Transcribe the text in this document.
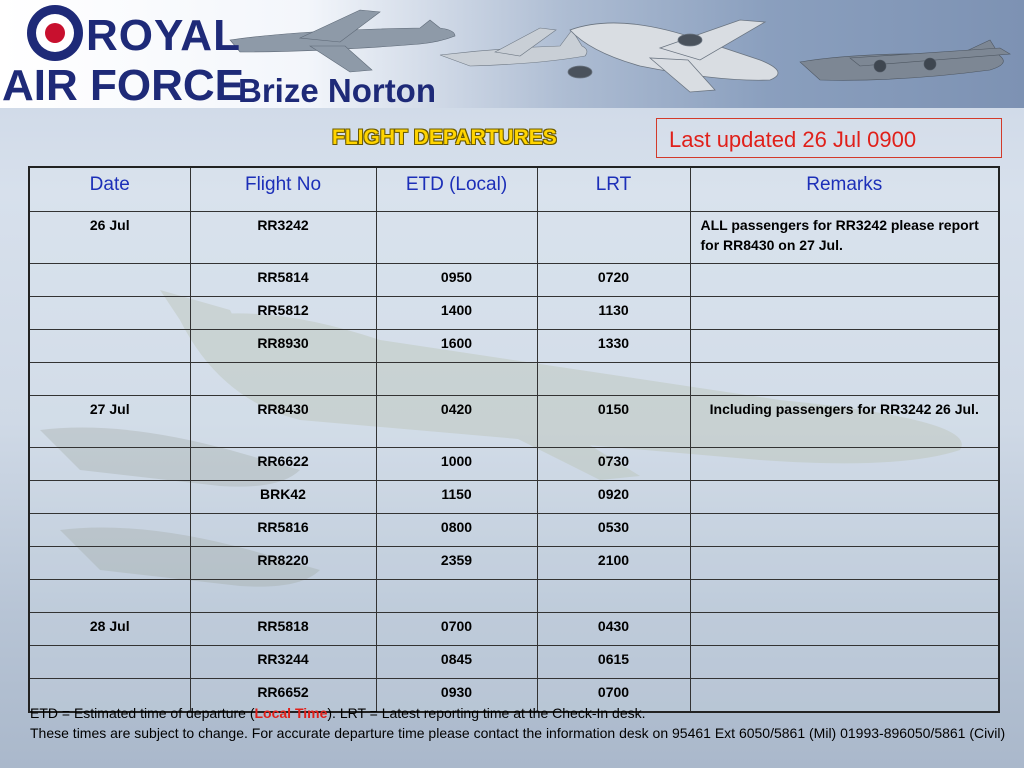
ROYAL
AIR FORCE
Brize Norton
FLIGHT DEPARTURES	Last updated 26 Jul 0900
Date	Flight No	ETD (Local)	LRT	Remarks
26 Jul	RR3242			ALL passengers for RR3242 please report for RR8430 on 27 Jul.
	RR5814	0950	0720	
	RR5812	1400	1130	
	RR8930	1600	1330	

27 Jul	RR8430	0420	0150	Including passengers for RR3242 26 Jul.
	RR6622	1000	0730	
	BRK42	1150	0920	
	RR5816	0800	0530	
	RR8220	2359	2100	

28 Jul	RR5818	0700	0430	
	RR3244	0845	0615	
	RR6652	0930	0700	
ETD = Estimated time of departure (Local Time). LRT = Latest reporting time at the Check-In desk.
These times are subject to change. For accurate departure time please contact the information desk on 95461 Ext 6050/5861 (Mil) 01993-896050/5861 (Civil)
